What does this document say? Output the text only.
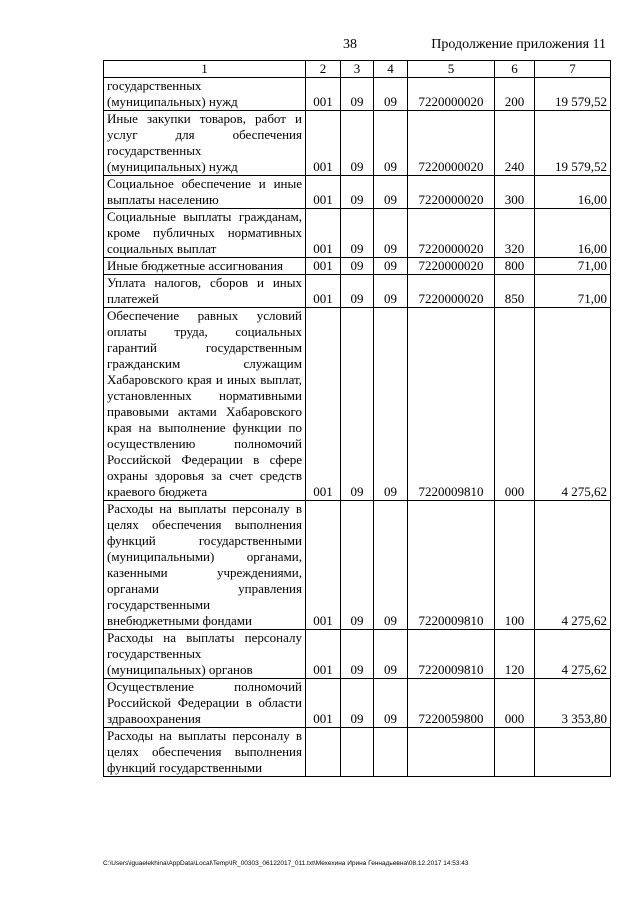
38	Продолжение приложения 11
1	2	3	4	5	6	7
государственных (муниципальных) нужд	001	09	09	7220000020	200	19 579,52
Иные закупки товаров, работ и услуг для обеспечения государственных (муниципальных) нужд	001	09	09	7220000020	240	19 579,52
Социальное обеспечение и иные выплаты населению	001	09	09	7220000020	300	16,00
Социальные выплаты гражданам, кроме публичных нормативных социальных выплат	001	09	09	7220000020	320	16,00
Иные бюджетные ассигнования	001	09	09	7220000020	800	71,00
Уплата налогов, сборов и иных платежей	001	09	09	7220000020	850	71,00
Обеспечение равных условий оплаты труда, социальных гарантий государственным гражданским служащим Хабаровского края и иных выплат, установленных нормативными правовыми актами Хабаровского края на выполнение функции по осуществлению полномочий Российской Федерации в сфере охраны здоровья за счет средств краевого бюджета	001	09	09	7220009810	000	4 275,62
Расходы на выплаты персоналу в целях обеспечения выполнения функций государственными (муниципальными) органами, казенными учреждениями, органами управления государственными внебюджетными фондами	001	09	09	7220009810	100	4 275,62
Расходы на выплаты персоналу государственных (муниципальных) органов	001	09	09	7220009810	120	4 275,62
Осуществление полномочий Российской Федерации в области здравоохранения	001	09	09	7220059800	000	3 353,80
Расходы на выплаты персоналу в целях обеспечения выполнения функций государственными						
C:\Users\iguaelekhina\AppData\Local\Temp\IR_00303_06122017_011.txt\Мехехина Ирина Геннадьевна\08.12.2017 14:53:43
